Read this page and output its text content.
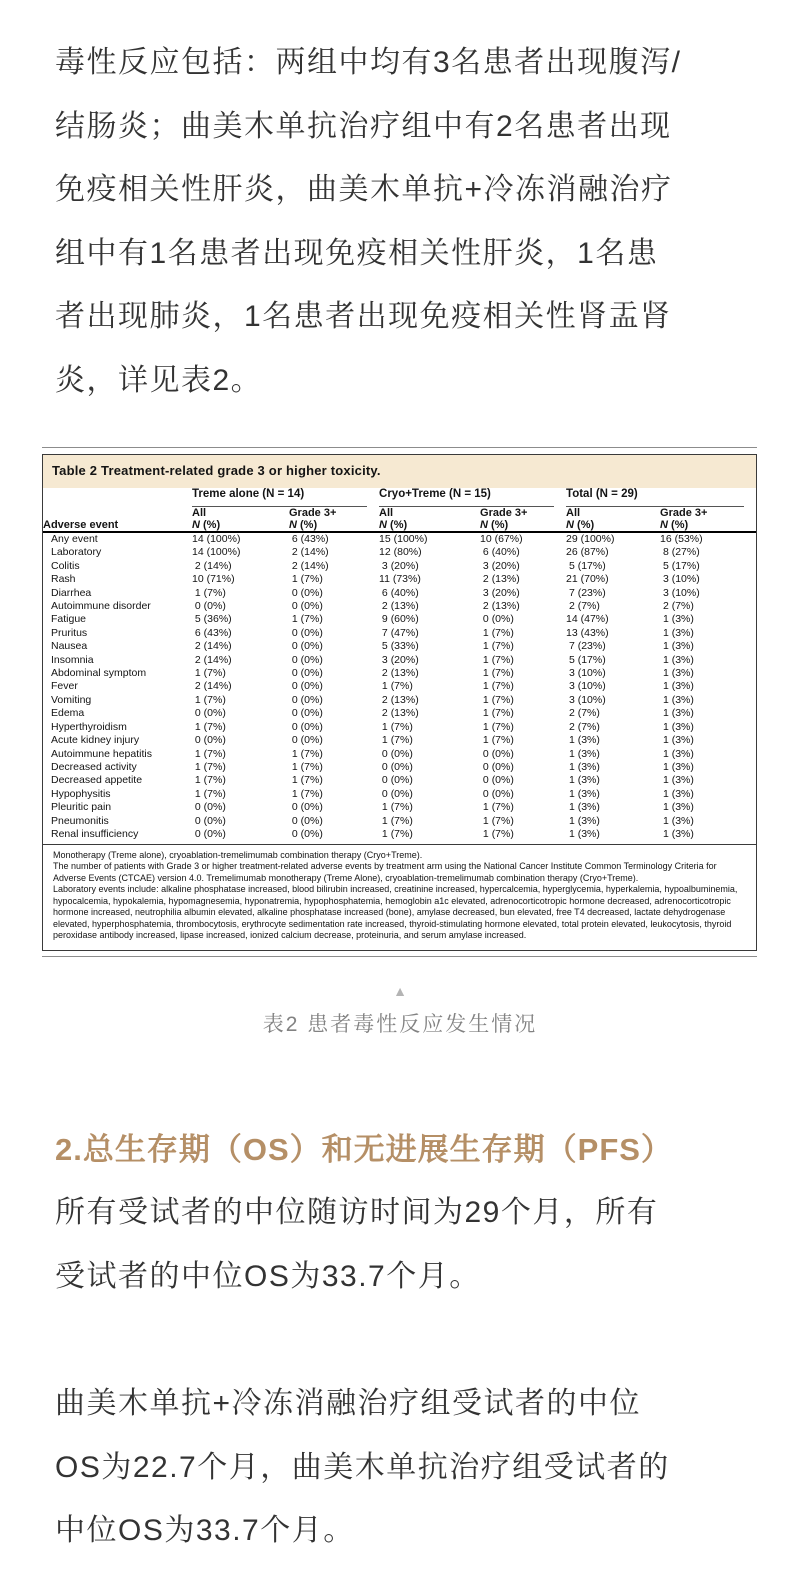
毒性反应包括：两组中均有3名患者出现腹泻/
结肠炎；曲美木单抗治疗组中有2名患者出现
免疫相关性肝炎，曲美木单抗+冷冻消融治疗
组中有1名患者出现免疫相关性肝炎，1名患
者出现肺炎，1名患者出现免疫相关性肾盂肾
炎，详见表2。
Table 2 Treatment-related grade 3 or higher toxicity.

	Treme alone (N = 14)		Cryo+Treme (N = 15)		Total (N = 29)	

	All	Grade 3+	All	Grade 3+	All	Grade 3+
Adverse event	N (%)	N (%)	N (%)	N (%)	N (%)	N (%)
Any event	14 (100%)	6 (43%)	15 (100%)	10 (67%)	29 (100%)	16 (53%)
Laboratory	14 (100%)	2 (14%)	12 (80%)	6 (40%)	26 (87%)	8 (27%)
Colitis	2 (14%)	2 (14%)	3 (20%)	3 (20%)	5 (17%)	5 (17%)
Rash	10 (71%)	1 (7%)	11 (73%)	2 (13%)	21 (70%)	3 (10%)
Diarrhea	1 (7%)	0 (0%)	6 (40%)	3 (20%)	7 (23%)	3 (10%)
Autoimmune disorder	0 (0%)	0 (0%)	2 (13%)	2 (13%)	2 (7%)	2 (7%)
Fatigue	5 (36%)	1 (7%)	9 (60%)	0 (0%)	14 (47%)	1 (3%)
Pruritus	6 (43%)	0 (0%)	7 (47%)	1 (7%)	13 (43%)	1 (3%)
Nausea	2 (14%)	0 (0%)	5 (33%)	1 (7%)	7 (23%)	1 (3%)
Insomnia	2 (14%)	0 (0%)	3 (20%)	1 (7%)	5 (17%)	1 (3%)
Abdominal symptom	1 (7%)	0 (0%)	2 (13%)	1 (7%)	3 (10%)	1 (3%)
Fever	2 (14%)	0 (0%)	1 (7%)	1 (7%)	3 (10%)	1 (3%)
Vomiting	1 (7%)	0 (0%)	2 (13%)	1 (7%)	3 (10%)	1 (3%)
Edema	0 (0%)	0 (0%)	2 (13%)	1 (7%)	2 (7%)	1 (3%)
Hyperthyroidism	1 (7%)	0 (0%)	1 (7%)	1 (7%)	2 (7%)	1 (3%)
Acute kidney injury	0 (0%)	0 (0%)	1 (7%)	1 (7%)	1 (3%)	1 (3%)
Autoimmune hepatitis	1 (7%)	1 (7%)	0 (0%)	0 (0%)	1 (3%)	1 (3%)
Decreased activity	1 (7%)	1 (7%)	0 (0%)	0 (0%)	1 (3%)	1 (3%)
Decreased appetite	1 (7%)	1 (7%)	0 (0%)	0 (0%)	1 (3%)	1 (3%)
Hypophysitis	1 (7%)	1 (7%)	0 (0%)	0 (0%)	1 (3%)	1 (3%)
Pleuritic pain	0 (0%)	0 (0%)	1 (7%)	1 (7%)	1 (3%)	1 (3%)
Pneumonitis	0 (0%)	0 (0%)	1 (7%)	1 (7%)	1 (3%)	1 (3%)
Renal insufficiency	0 (0%)	0 (0%)	1 (7%)	1 (7%)	1 (3%)	1 (3%)
Monotherapy (Treme alone), cryoablation-tremelimumab combination therapy (Cryo+Treme).
The number of patients with Grade 3 or higher treatment-related adverse events by treatment arm using the National Cancer Institute Common Terminology Criteria for Adverse Events (CTCAE) version 4.0. Tremelimumab monotherapy (Treme Alone), cryoablation-tremelimumab combination therapy (Cryo+Treme).
Laboratory events include: alkaline phosphatase increased, blood bilirubin increased, creatinine increased, hypercalcemia, hyperglycemia, hyperkalemia, hypoalbuminemia, hypocalcemia, hypokalemia, hypomagnesemia, hyponatremia, hypophosphatemia, hemoglobin a1c elevated, adrenocorticotropic hormone decreased, adrenocorticotropic hormone increased, neutrophilia albumin elevated, alkaline phosphatase increased (bone), amylase decreased, bun elevated, free T4 decreased, lactate dehydrogenase elevated, hyperphosphatemia, thrombocytosis, erythrocyte sedimentation rate increased, thyroid-stimulating hormone elevated, total protein elevated, leukocytosis, thyroid peroxidase antibody increased, lipase increased, ionized calcium decrease, proteinuria, and serum amylase increased.
▲
表2 患者毒性反应发生情况
2.总生存期（OS）和无进展生存期（PFS）
所有受试者的中位随访时间为29个月，所有
受试者的中位OS为33.7个月。
曲美木单抗+冷冻消融治疗组受试者的中位
OS为22.7个月，曲美木单抗治疗组受试者的
中位OS为33.7个月。
